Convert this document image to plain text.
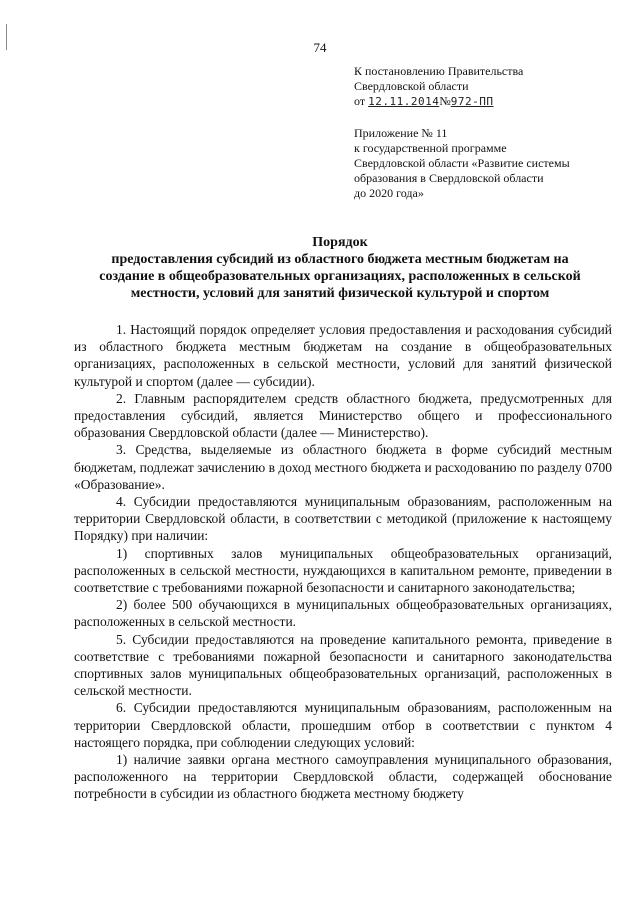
74
К постановлению Правительства
Свердловской области
от 12.11.2014№972-ПП
Приложение № 11
к государственной программе
Свердловской области «Развитие системы
образования в Свердловской области
до 2020 года»
Порядок
предоставления субсидий из областного бюджета местным бюджетам на
создание в общеобразовательных организациях, расположенных в сельской
местности, условий для занятий физической культурой и спортом

1. Настоящий порядок определяет условия предоставления и расходования субсидий из областного бюджета местным бюджетам на создание в общеобразовательных организациях, расположенных в сельской местности, условий для занятий физической культурой и спортом (далее — субсидии).

2. Главным распорядителем средств областного бюджета, предусмотренных для предоставления субсидий, является Министерство общего и профессионального образования Свердловской области (далее — Министерство).

3. Средства, выделяемые из областного бюджета в форме субсидий местным бюджетам, подлежат зачислению в доход местного бюджета и расходованию по разделу 0700 «Образование».

4. Субсидии предоставляются муниципальным образованиям, расположенным на территории Свердловской области, в соответствии с методикой (приложение к настоящему Порядку) при наличии:

1) спортивных залов муниципальных общеобразовательных организаций, расположенных в сельской местности, нуждающихся в капитальном ремонте, приведении в соответствие с требованиями пожарной безопасности и санитарного законодательства;

2) более 500 обучающихся в муниципальных общеобразовательных организациях, расположенных в сельской местности.

5. Субсидии предоставляются на проведение капитального ремонта, приведение в соответствие с требованиями пожарной безопасности и санитарного законодательства спортивных залов муниципальных общеобразовательных организаций, расположенных в сельской местности.

6. Субсидии предоставляются муниципальным образованиям, расположенным на территории Свердловской области, прошедшим отбор в соответствии с пунктом 4 настоящего порядка, при соблюдении следующих условий:

1) наличие заявки органа местного самоуправления муниципального образования, расположенного на территории Свердловской области, содержащей обоснование потребности в субсидии из областного бюджета местному бюджету
